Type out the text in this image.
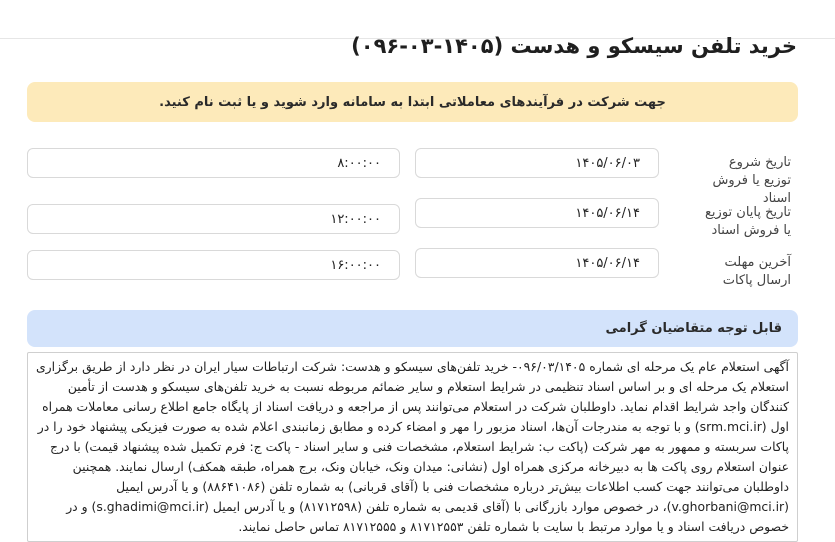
خرید تلفن سیسکو و هدست (۱۴۰۵-۰۳-۰۹۶)
جهت شرکت در فرآیندهای معاملاتی ابتدا به سامانه وارد شوید و یا ثبت نام کنید.
تاریخ شروع توزیع یا فروش اسناد
۱۴۰۵/۰۶/۰۳
۸:۰۰:۰۰
تاریخ پایان توزیع یا فروش اسناد
۱۴۰۵/۰۶/۱۴
۱۲:۰۰:۰۰
آخرین مهلت ارسال پاکات
۱۴۰۵/۰۶/۱۴
۱۶:۰۰:۰۰
قابل توجه متقاضیان گرامی

آگهی استعلام عام یک مرحله ای شماره ۰۹۶/۰۳/۱۴۰۵- خرید تلفن‌های سیسکو و هدست: شرکت ارتباطات سیار ایران در نظر دارد از طریق برگزاری استعلام یک مرحله ای و بر اساس اسناد تنظیمی در شرایط استعلام و سایر ضمائم مربوطه نسبت به خرید تلفن‌های سیسکو و هدست از تأمین کنندگان واجد شرایط اقدام نماید. داوطلبان شرکت در استعلام می‌توانند پس از مراجعه و دریافت اسناد از پایگاه جامع اطلاع رسانی معاملات همراه اول (srm.mci.ir) و با توجه به مندرجات آن‌ها، اسناد مزبور را مهر و امضاء کرده و مطابق زمانبندی اعلام شده به صورت فیزیکی پیشنهاد خود را در پاکات سربسته و ممهور به مهر شرکت (پاکت ب: شرایط استعلام، مشخصات فنی و سایر اسناد - پاکت ج: فرم تکمیل شده پیشنهاد قیمت) با درج عنوان استعلام روی پاکت ها به دبیرخانه مرکزی همراه اول (نشانی: میدان ونک، خیابان ونک، برج همراه، طبقه همکف) ارسال نمایند. همچنین داوطلبان می‌توانند جهت کسب اطلاعات بیش‌تر درباره مشخصات فنی با (آقای قربانی) به شماره تلفن (۸۸۶۴۱۰۸۶) و یا آدرس ایمیل (v.ghorbani@mci.ir)، در خصوص موارد بازرگانی با (آقای قدیمی به شماره تلفن (۸۱۷۱۲۵۹۸) و یا آدرس ایمیل (s.ghadimi@mci.ir) و در خصوص دریافت اسناد و یا موارد مرتبط با سایت با شماره تلفن ۸۱۷۱۲۵۵۳ و ۸۱۷۱۲۵۵۵ تماس حاصل نمایند.
